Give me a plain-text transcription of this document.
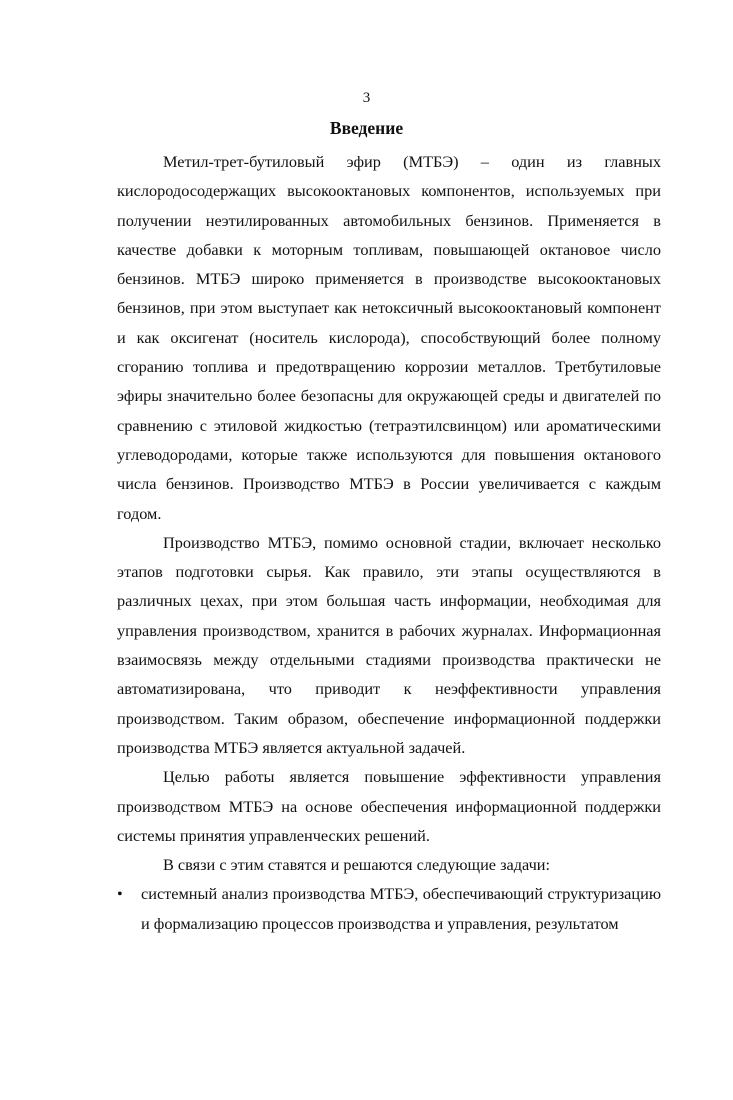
3
Введение

Метил-трет-бутиловый эфир (МТБЭ) – один из главных кислородосодержащих высокооктановых компонентов, используемых при получении неэтилированных автомобильных бензинов. Применяется в качестве добавки к моторным топливам, повышающей октановое число бензинов. МТБЭ широко применяется в производстве высокооктановых бензинов, при этом выступает как нетоксичный высокооктановый компонент и как оксигенат (носитель кислорода), способствующий более полному сгоранию топлива и предотвращению коррозии металлов. Третбутиловые эфиры значительно более безопасны для окружающей среды и двигателей по сравнению с этиловой жидкостью (тетраэтилсвинцом) или ароматическими углеводородами, которые также используются для повышения октанового числа бензинов. Производство МТБЭ в России увеличивается с каждым годом.

Производство МТБЭ, помимо основной стадии, включает несколько этапов подготовки сырья. Как правило, эти этапы осуществляются в различных цехах, при этом большая часть информации, необходимая для управления производством, хранится в рабочих журналах. Информационная взаимосвязь между отдельными стадиями производства практически не автоматизирована, что приводит к неэффективности управления производством. Таким образом, обеспечение информационной поддержки производства МТБЭ является актуальной задачей.

Целью работы является повышение эффективности управления производством МТБЭ на основе обеспечения информационной поддержки системы принятия управленческих решений.

В связи с этим ставятся и решаются следующие задачи:

• системный анализ производства МТБЭ, обеспечивающий структуризацию и формализацию процессов производства и управления, результатом
